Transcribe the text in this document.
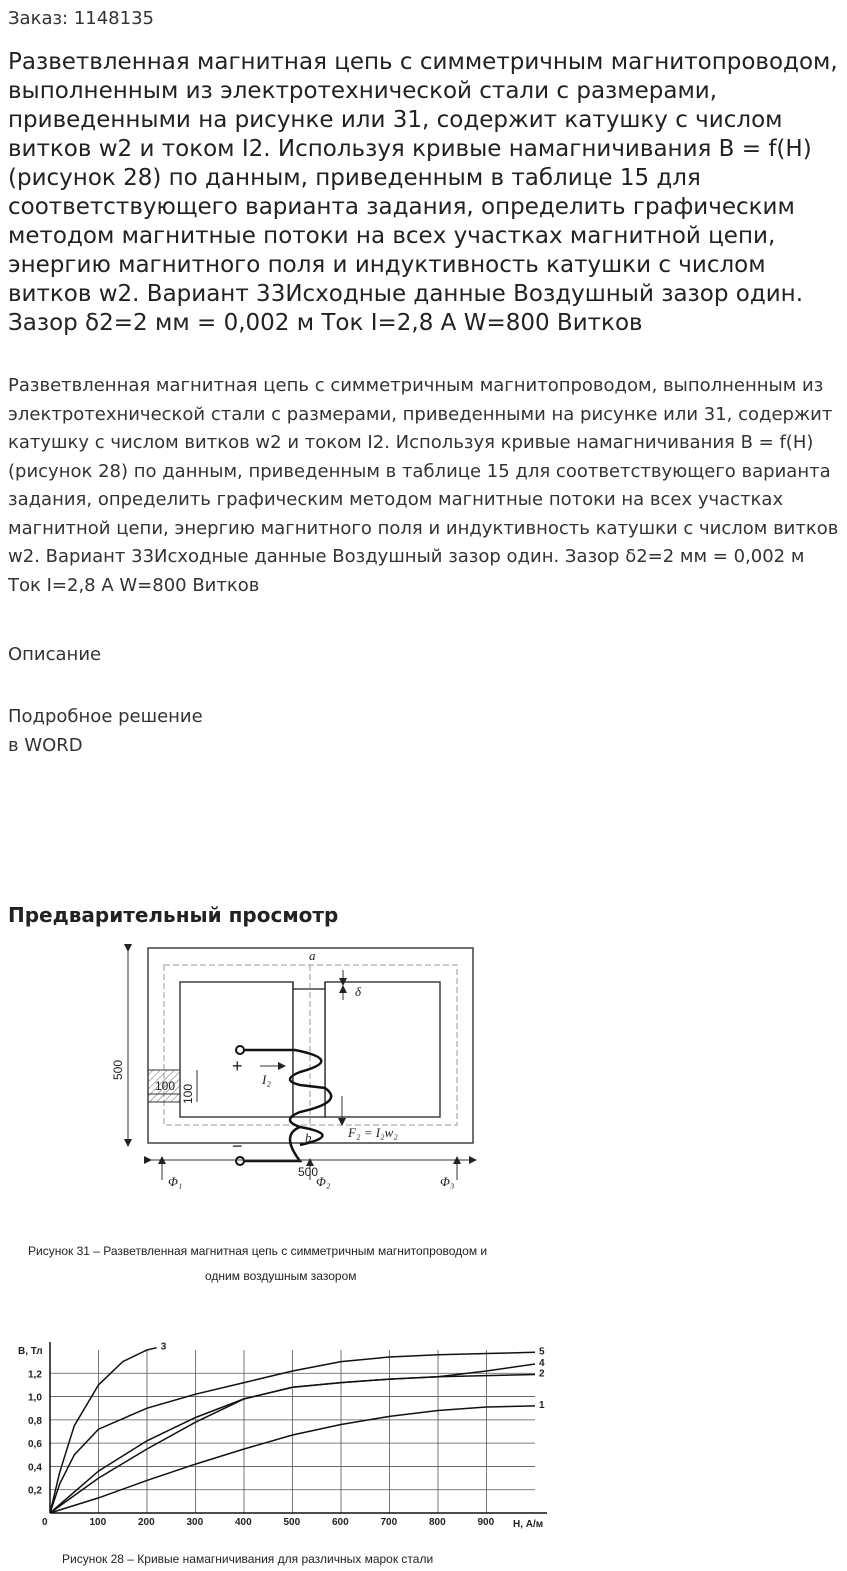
Заказ: 1148135
Разветвленная магнитная цепь с симметричным магнитопроводом, выполненным из электротехнической стали с размерами, приведенными на рисунке или 31, содержит катушку с числом витков w2 и током I2. Используя кривые намагничивания B = f(H) (рисунок 28) по данным, приведенным в таблице 15 для соответствующего варианта задания, определить графическим методом магнитные потоки на всех участках магнитной цепи, энергию магнитного поля и индуктивность катушки с числом витков w2. Вариант 33Исходные данные Воздушный зазор один. Зазор δ2=2 мм = 0,002 м Ток I=2,8 А W=800 Витков

Разветвленная магнитная цепь с симметричным магнитопроводом, выполненным из электротехнической стали с размерами, приведенными на рисунке или 31, содержит катушку с числом витков w2 и током I2. Используя кривые намагничивания B = f(H) (рисунок 28) по данным, приведенным в таблице 15 для соответствующего варианта задания, определить графическим методом магнитные потоки на всех участках магнитной цепи, энергию магнитного поля и индуктивность катушки с числом витков w2. Вариант 33Исходные данные Воздушный зазор один. Зазор δ2=2 мм = 0,002 м Ток I=2,8 А W=800 Витков

Описание
Подробное решение
в WORD
Предварительный просмотр
500
500
100 100
a
b
δ
+
−
I₂
F₂ = I₂w₂
Φ₁	Φ₂	Φ₃
Рисунок 31 – Разветвленная магнитная цепь с симметричным магнитопроводом и
одним воздушным зазором
0	100	200	300	400	500	600	700	800	900
0,2
0,4
0,6
0,8
1,0
1,2
H, А/м
B, Тл
1
2
3
4
5
Рисунок 28 – Кривые намагничивания для различных марок стали
